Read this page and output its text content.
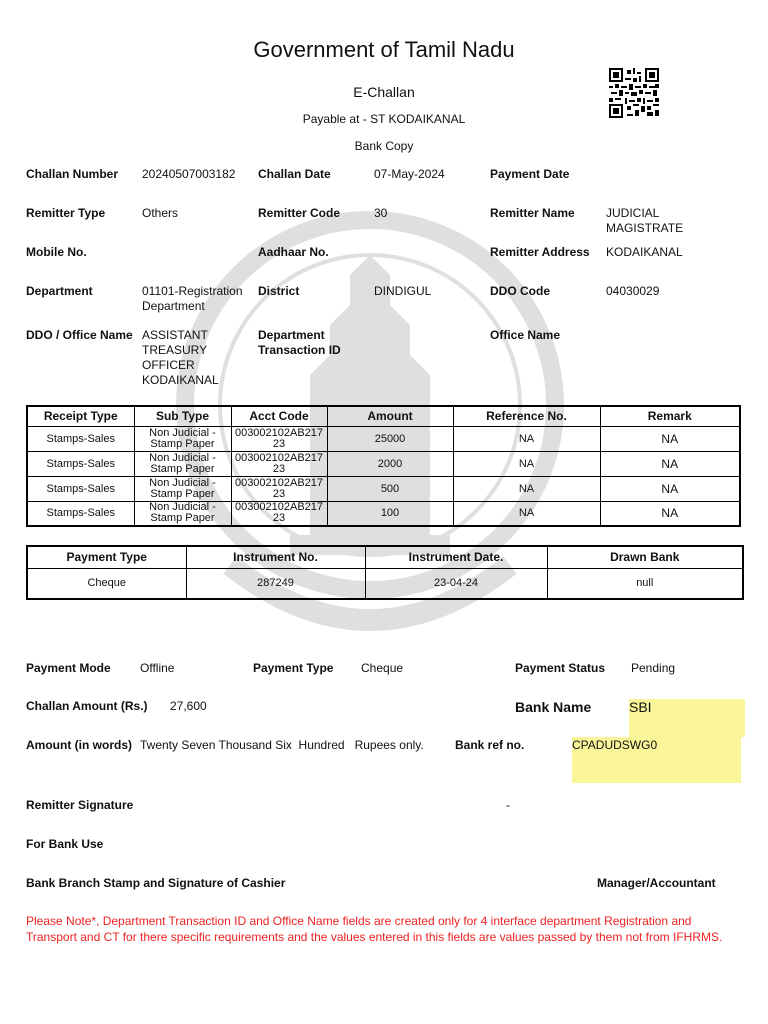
Government of Tamil Nadu
E-Challan
Payable at - ST KODAIKANAL
Bank Copy
Challan Number 20240507003182 Challan Date	07-May-2024	Payment Date
Remitter Type	Others	Remitter Code	30	Remitter Name	JUDICIAL MAGISTRATE
Mobile No.	Aadhaar No.	Remitter Address KODAIKANAL
Department	01101-Registration Department
District	DINDIGUL	DDO Code	04030029
DDO / Office Name ASSISTANT TREASURY OFFICER KODAIKANAL
Department Transaction ID
Office Name
Receipt Type	Sub Type	Acct Code	Amount	Reference No.	Remark
Stamps-Sales	Non Judicial - Stamp Paper	003002102AB217 23	25000	NA	NA
Stamps-Sales	Non Judicial - Stamp Paper	003002102AB217 23	2000	NA	NA
Stamps-Sales	Non Judicial - Stamp Paper	003002102AB217 23	500	NA	NA
Stamps-Sales	Non Judicial - Stamp Paper	003002102AB217 23	100	NA	NA
Payment Type	Instrument No.	Instrument Date.	Drawn Bank
Cheque	287249	23-04-24	null
Payment Mode Offline	Payment Type Cheque	Payment Status Pending
Challan Amount (Rs.) 27,600	Bank Name	SBI
Amount (in words) Twenty Seven Thousand Six  Hundred   Rupees only.	Bank ref no.	CPADUDSWG0
Remitter Signature	-
For Bank Use
Bank Branch Stamp and Signature of Cashier	Manager/Accountant
Please Note*, Department Transaction ID and Office Name fields are created only for 4 interface department Registration and Transport and CT for there specific requirements and the values entered in this fields are values passed by them not from IFHRMS.
